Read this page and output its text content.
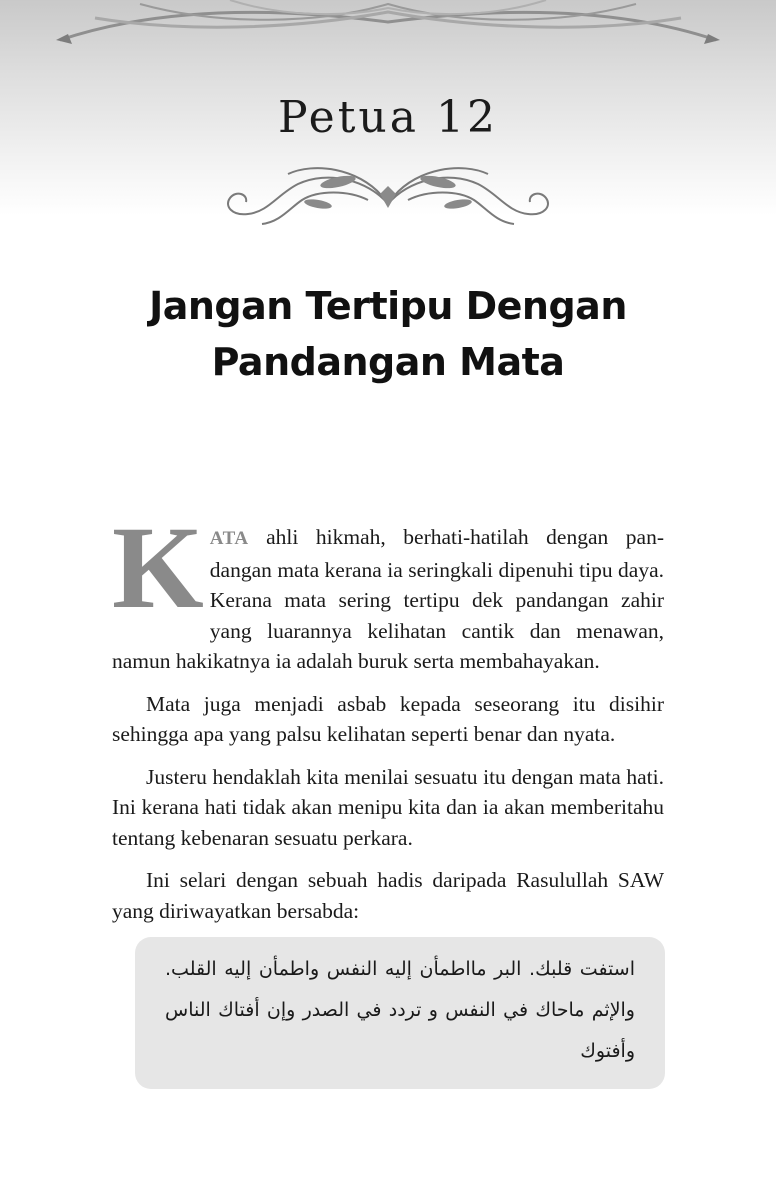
Petua 12
Jangan Tertipu Dengan
Pandangan Mata

KATA ahli hikmah, berhati-hatilah dengan pan-dangan mata kerana ia seringkali dipenuhi tipu daya. Kerana mata sering tertipu dek pandangan zahir yang luarannya kelihatan cantik dan menawan, namun hakikatnya ia adalah buruk serta membahayakan.

Mata juga menjadi asbab kepada seseorang itu disihir sehingga apa yang palsu kelihatan seperti benar dan nyata.

Justeru hendaklah kita menilai sesuatu itu dengan mata hati. Ini kerana hati tidak akan menipu kita dan ia akan memberitahu tentang kebenaran sesuatu perkara.

Ini selari dengan sebuah hadis daripada Rasulullah SAW yang diriwayatkan bersabda:

استفت قلبك. البر مااطمأن إليه النفس واطمأن إليه القلب. والإثم ماحاك في النفس و تردد في الصدر وإن أفتاك الناس وأفتوك
